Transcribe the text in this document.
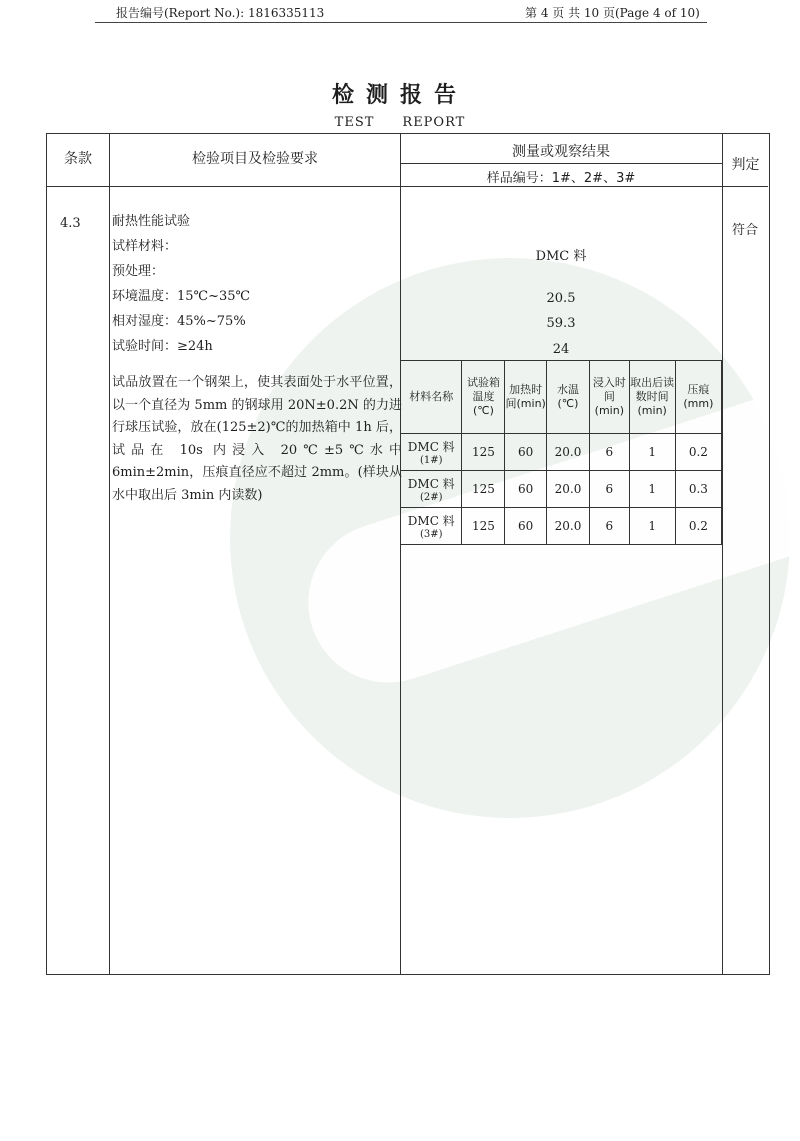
报告编号(Report No.): 1816335113	第 4 页 共 10 页(Page 4 of 10)
检测报告
TEST REPORT
条款	检验项目及检验要求	测量或观察结果
样品编号：1#、2#、3#
判定
4.3 耐热性能试验
试样材料：
预处理：
环境温度：15℃~35℃
相对湿度：45%~75%
试验时间：≥24h
试品放置在一个钢架上，使其表面处于水平位置，以一个直径为 5mm 的钢球用 20N±0.2N 的力进行球压试验，放在(125±2)℃的加热箱中 1h 后，试品在 10s 内浸入 20℃±5℃水中 6min±2min，压痕直径应不超过 2mm。(样块从水中取出后 3min 内读数)
DMC 料
20.5
59.3
24
符合
材料名称	试验箱温度(℃)	加热时间(min)	水温(℃)	浸入时间(min)	取出后读数时间(min)	压痕(mm)
DMC 料
(1#)	125	60	20.0	6	1	0.2
DMC 料
(2#)	125	60	20.0	6	1	0.3
DMC 料
(3#)	125	60	20.0	6	1	0.2
